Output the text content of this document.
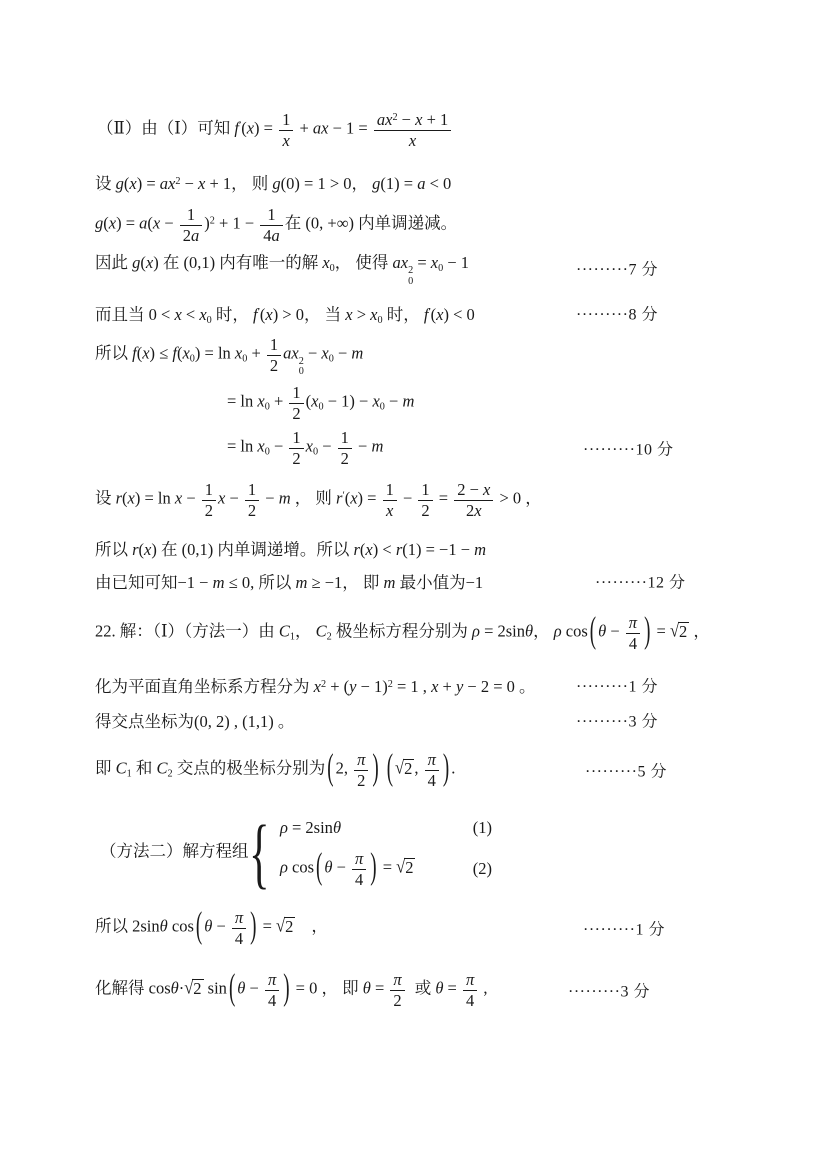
（Ⅱ）由（Ⅰ）可知 $f'(x) = \frac{1}{x}$ + ax − $1 = \frac{ax^2 - x + 1}{x}$
设 $g(x) = ax^2 - x + 1$， 则 g(0) = 1 > 0， g(1) = a < 0
$g(x) = a(x - \frac{1}{2a} )^2 + 1 - \frac{1}{4a}$ 在 (0, +∞) 内单调递减。
因此 g(x) 在 (0,1) 内有唯一的解 $x_0$， 使得 ax 2
0
= $x_0 - 1$	·········7 分
而且当 $0 < x < x_0$ 时， f′(x) > 0， 当 $x > x_0$ 时， f′(x) < 0	·········8 分
所以 $f(x) \le f(x_0) = \ln x_0 + \frac{1}{2}$ ax 2
0
− $x_0 - m$
= $\ln x_0 + \frac{1}{2} (x_0 - 1) - x_0 - m$
= $\ln x_0 - \frac{1}{2} x_0 - \frac{1}{2} - m$	·········10 分
设 $r(x) = \ln x - \frac{1}{2}$ $x - \frac{1}{2} - m$ ， 则 $r'(x) = \frac{1}{x} - \frac{1}{2} = \frac{2 - x}{2x} > 0$ ，
所以 r(x) 在 (0,1) 内单调递增。所以 r(x) < r(1) = −1 − m
由已知可知−1 − m ≤ 0, 所以 m ≥ −1， 即 m 最小值为−1	·········12 分
22. 解：（Ⅰ）（方法一）由 $C_1$， $C_2$ 极坐标方程分别为 ρ = 2sinθ， ρ cos ( $\theta - \frac{\pi}{4}$ ) = √2 ，
化为平面直角坐标系方程分为 $x^2 + (y - 1)^2 = 1$ , x + y − 2 = 0 。	·········1 分
得交点坐标为(0, 2) , (1,1) 。	·········3 分
即 $C_1$ 和 $C_2$ 交点的极坐标分别为 ( 2, $\frac{\pi}{2}$ ) ( √2 , $\frac{\pi}{4}$ ) .	·········5 分
（方法二）解方程组 { ρ = 2sinθ	(1)
ρ cos ( $\theta - \frac{\pi}{4}$ ) = √2	(2)
所以 2sinθ cos ( $\theta - \frac{\pi}{4}$ ) = √2 ，	·········1 分
化解得 cosθ·√2 sin ( $\theta - \frac{\pi}{4}$ ) = 0 ， 即 $\theta = \frac{\pi}{2}$ 或 $\theta = \frac{\pi}{4}$ ,	·········3 分
